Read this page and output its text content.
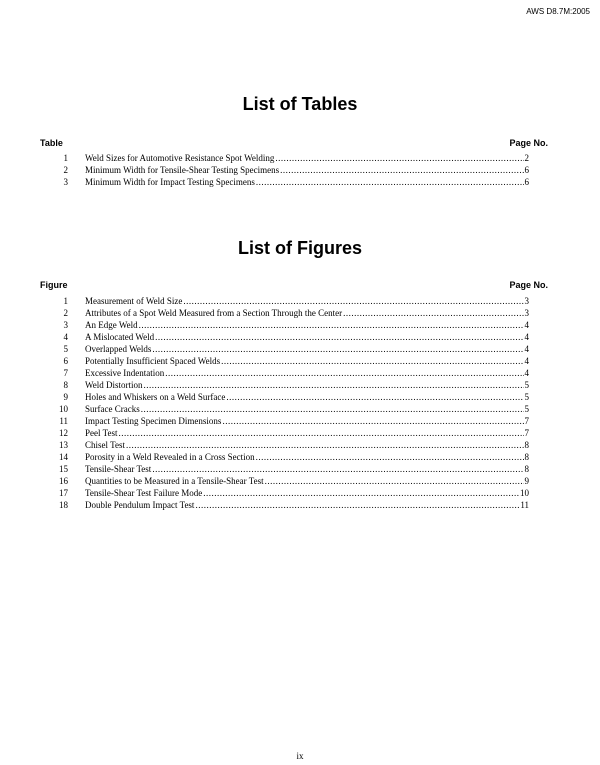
AWS D8.7M:2005
List of Tables
Table	Page No.
1 Weld Sizes for Automotive Resistance Spot Welding .....	2
2 Minimum Width for Tensile-Shear Testing Specimens .....	6
3 Minimum Width for Impact Testing Specimens .....	6
List of Figures
Figure	Page No.
1 Measurement of Weld Size .....	3
2 Attributes of a Spot Weld Measured from a Section Through the Center .....	3
3 An Edge Weld .....	4
4 A Mislocated Weld .....	4
5 Overlapped Welds .....	4
6 Potentially Insufficient Spaced Welds .....	4
7 Excessive Indentation .....	4
8 Weld Distortion .....	5
9 Holes and Whiskers on a Weld Surface .....	5
10 Surface Cracks .....	5
11 Impact Testing Specimen Dimensions .....	7
12 Peel Test .....	7
13 Chisel Test .....	8
14 Porosity in a Weld Revealed in a Cross Section .....	8
15 Tensile-Shear Test .....	8
16 Quantities to be Measured in a Tensile-Shear Test .....	9
17 Tensile-Shear Test Failure Mode .....	10
18 Double Pendulum Impact Test .....	11
ix
